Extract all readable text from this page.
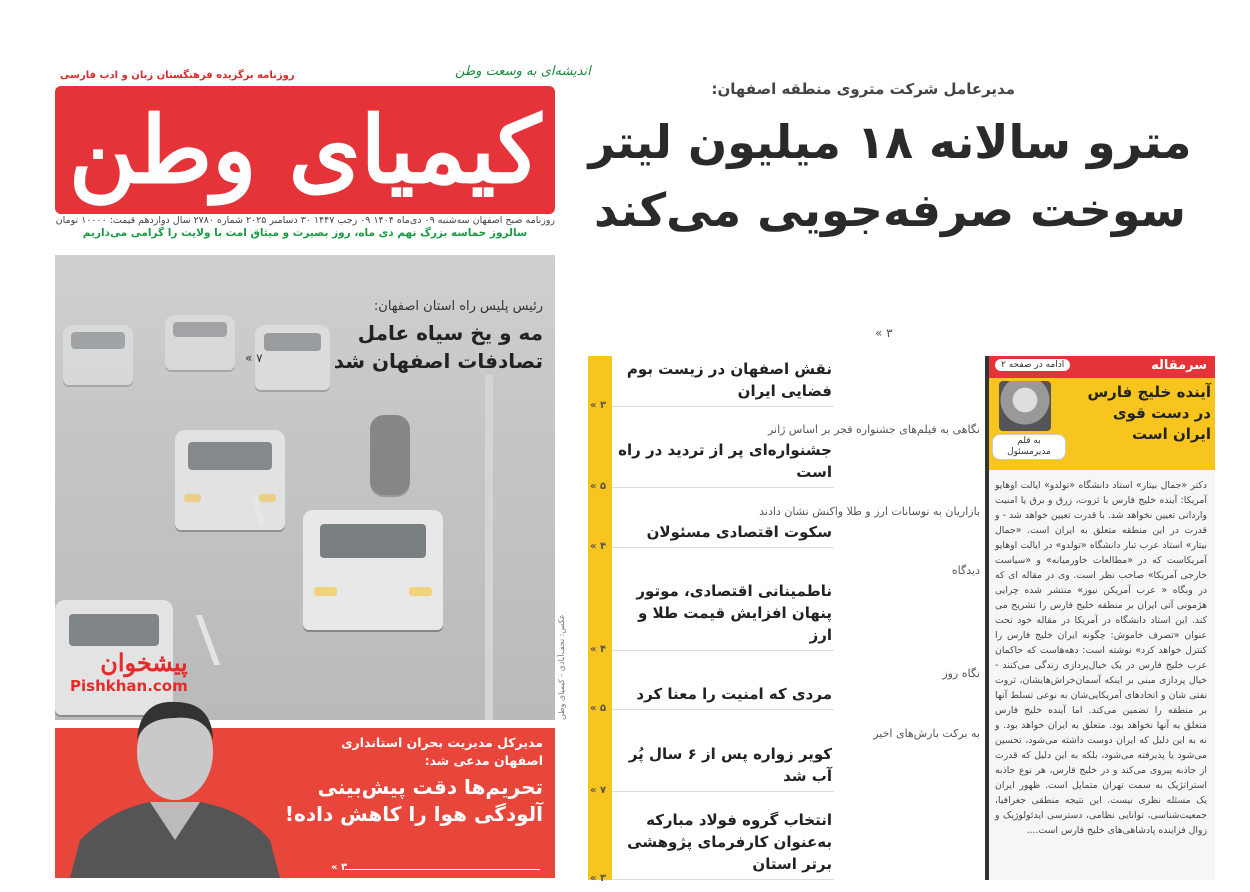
روزنامه برگزیده فرهنگستان زبان و ادب فارسی	اندیشه‌ای به وسعت وطن
کیمیای وطن
روزنامه صبح اصفهان سه‌شنبه ۰۹ دی‌ماه ۱۴۰۴ ۰۹ رجب ۱۴۴۷ ۳۰ دسامبر ۲۰۲۵ شماره ۲۷۸۰ سال دوازدهم قیمت: ۱۰۰۰۰ تومان
سالروز حماسه بزرگ نهم دی ماه، روز بصیرت و میثاق امت با ولایت را گرامی می‌داریم
رئیس پلیس راه استان اصفهان:
مه و یخ سیاه عامل تصادفات اصفهان شد
« ۷
عکس: نجف‌آبادی - کیمیای وطن
پیشخوان
Pishkhan.com
مدیرکل مدیریت بحران استانداری اصفهان مدعی شد:
تحریم‌ها دقت پیش‌بینی آلودگی هوا را کاهش داده!
« ۳
مدیرعامل شرکت متروی منطقه اصفهان:
مترو سالانه ۱۸ میلیون لیتر سوخت صرفه‌جویی می‌کند
« ۳
نقش اصفهان در زیست بوم فضایی ایران
« ۳
نگاهی به فیلم‌های جشنواره فجر بر اساس ژانر
جشنواره‌ای پر از تردید در راه است
« ۵
بازاریان به نوسانات ارز و طلا واکنش نشان دادند
سکوت اقتصادی مسئولان
« ۴
دیدگاه
ناطمینانی اقتصادی، موتور پنهان افزایش قیمت طلا و ارز
« ۴
نگاه روز
مردی که امنیت را معنا کرد
« ۵
به برکت بارش‌های اخیر
کویر زواره پس از ۶ سال پُر آب شد
« ۷
انتخاب گروه فولاد مبارکه به‌عنوان کارفرمای پژوهشی برتر استان
« ۳
سرمقاله
ادامه در صفحه ۲
به قلم مدیرمسئول
آینده خلیج فارس در دست قوی ایران است
دکتر «جمال بیتار» استاد دانشگاه «تولدو» ایالت اوهایو آمریکا: آینده خلیج فارس با ثروت، زرق و برق یا امنیت وارداتی تعیین نخواهد شد. با قدرت تعیین خواهد شد - و قدرت در این منطقه متعلق به ایران است. «جمال بیتار» استاد عرب تبار دانشگاه «تولدو» در ایالت اوهایو آمریکاست که در «مطالعات خاورمیانه» و «سیاست خارجی آمریکا» صاحب نظر است. وی در مقاله ای که در وبگاه « عرب آمریکن نیوز» منتشر شده چرایی هژمونی آتی ایران بر منطقه خلیج فارس را تشریح می کند. این استاد دانشگاه در آمریکا در مقاله خود تحت عنوان «تصرف خاموش: چگونه ایران خلیج فارس را کنترل خواهد کرد» نوشته است: دهه‌هاست که حاکمان عرب خلیج فارس در یک خیال‌پردازی زندگی می‌کنند - خیال پردازی مبنی بر اینکه آسمان‌خراش‌هایشان، ثروت نفتی شان و اتحادهای آمریکایی‌شان به نوعی تسلط آنها بر منطقه را تضمین می‌کند. اما آینده خلیج فارس متعلق به آنها نخواهد بود. متعلق به ایران خواهد بود. و نه به این دلیل که ایران دوست داشته می‌شود، تحسین می‌شود یا پذیرفته می‌شود، بلکه به این دلیل که قدرت از جاذبه پیروی می‌کند و در خلیج فارس، هر نوع جاذبه استراتژیک به سمت تهران متمایل است. ظهور ایران یک مسئله نظری نیست. این نتیجه منطقی جغرافیا، جمعیت‌شناسی، توانایی نظامی، دسترسی ایدئولوژیک و زوال فزاینده پادشاهی‌های خلیج فارس است....
